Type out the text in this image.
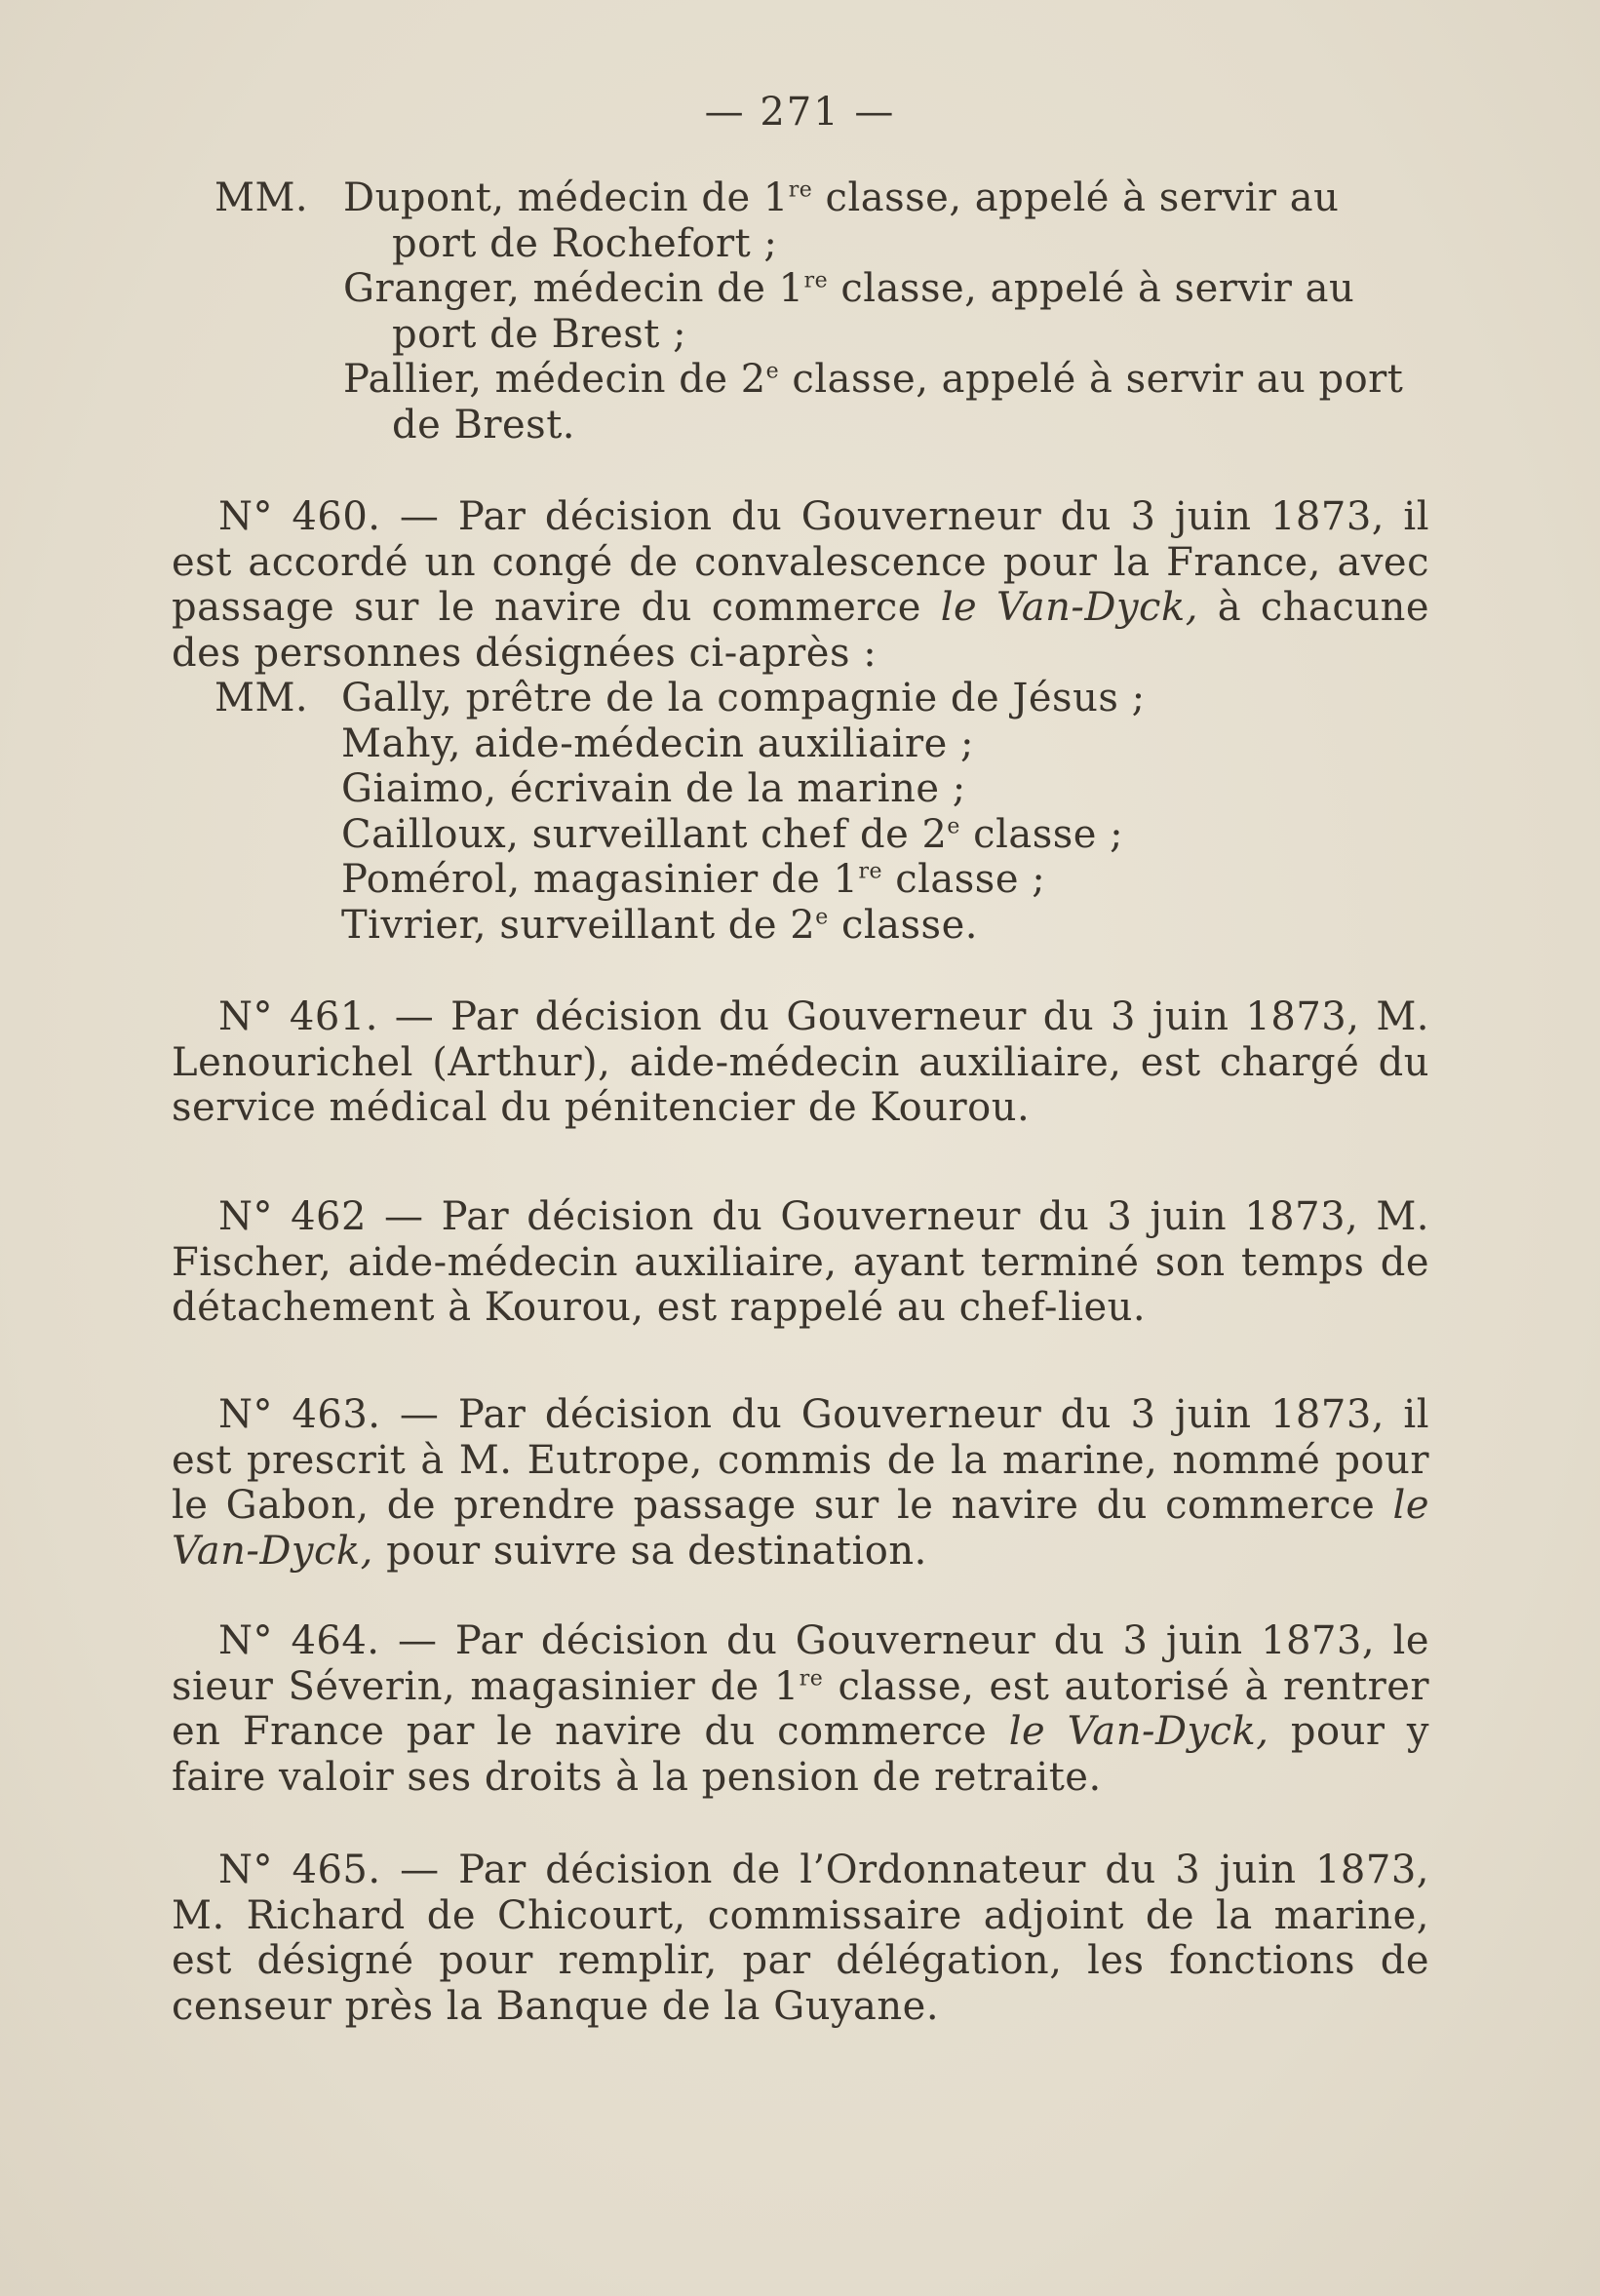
— 271 —
MM. Dupont, médecin de 1re classe, appelé à servir au port de Rochefort ;
Granger, médecin de 1re classe, appelé à servir au port de Brest ;
Pallier, médecin de 2e classe, appelé à servir au port de Brest.

N° 460. — Par décision du Gouverneur du 3 juin 1873, il est accordé un congé de convalescence pour la France, avec passage sur le navire du commerce le Van-Dyck, à chacune des personnes désignées ci-après :

MM. Gally, prêtre de la compagnie de Jésus ;
Mahy, aide-médecin auxiliaire ;
Giaimo, écrivain de la marine ;
Cailloux, surveillant chef de 2e classe ;
Pomérol, magasinier de 1re classe ;
Tivrier, surveillant de 2e classe.

N° 461. — Par décision du Gouverneur du 3 juin 1873, M. Lenourichel (Arthur), aide-médecin auxiliaire, est chargé du service médical du pénitencier de Kourou.

N° 462 — Par décision du Gouverneur du 3 juin 1873, M. Fischer, aide-médecin auxiliaire, ayant terminé son temps de détachement à Kourou, est rappelé au chef-lieu.

N° 463. — Par décision du Gouverneur du 3 juin 1873, il est prescrit à M. Eutrope, commis de la marine, nommé pour le Gabon, de prendre passage sur le navire du commerce le Van-Dyck, pour suivre sa destination.

N° 464. — Par décision du Gouverneur du 3 juin 1873, le sieur Séverin, magasinier de 1re classe, est autorisé à rentrer en France par le navire du commerce le Van-Dyck, pour y faire valoir ses droits à la pension de retraite.

N° 465. — Par décision de l’Ordonnateur du 3 juin 1873, M. Richard de Chicourt, commissaire adjoint de la marine, est désigné pour remplir, par délégation, les fonctions de censeur près la Banque de la Guyane.
